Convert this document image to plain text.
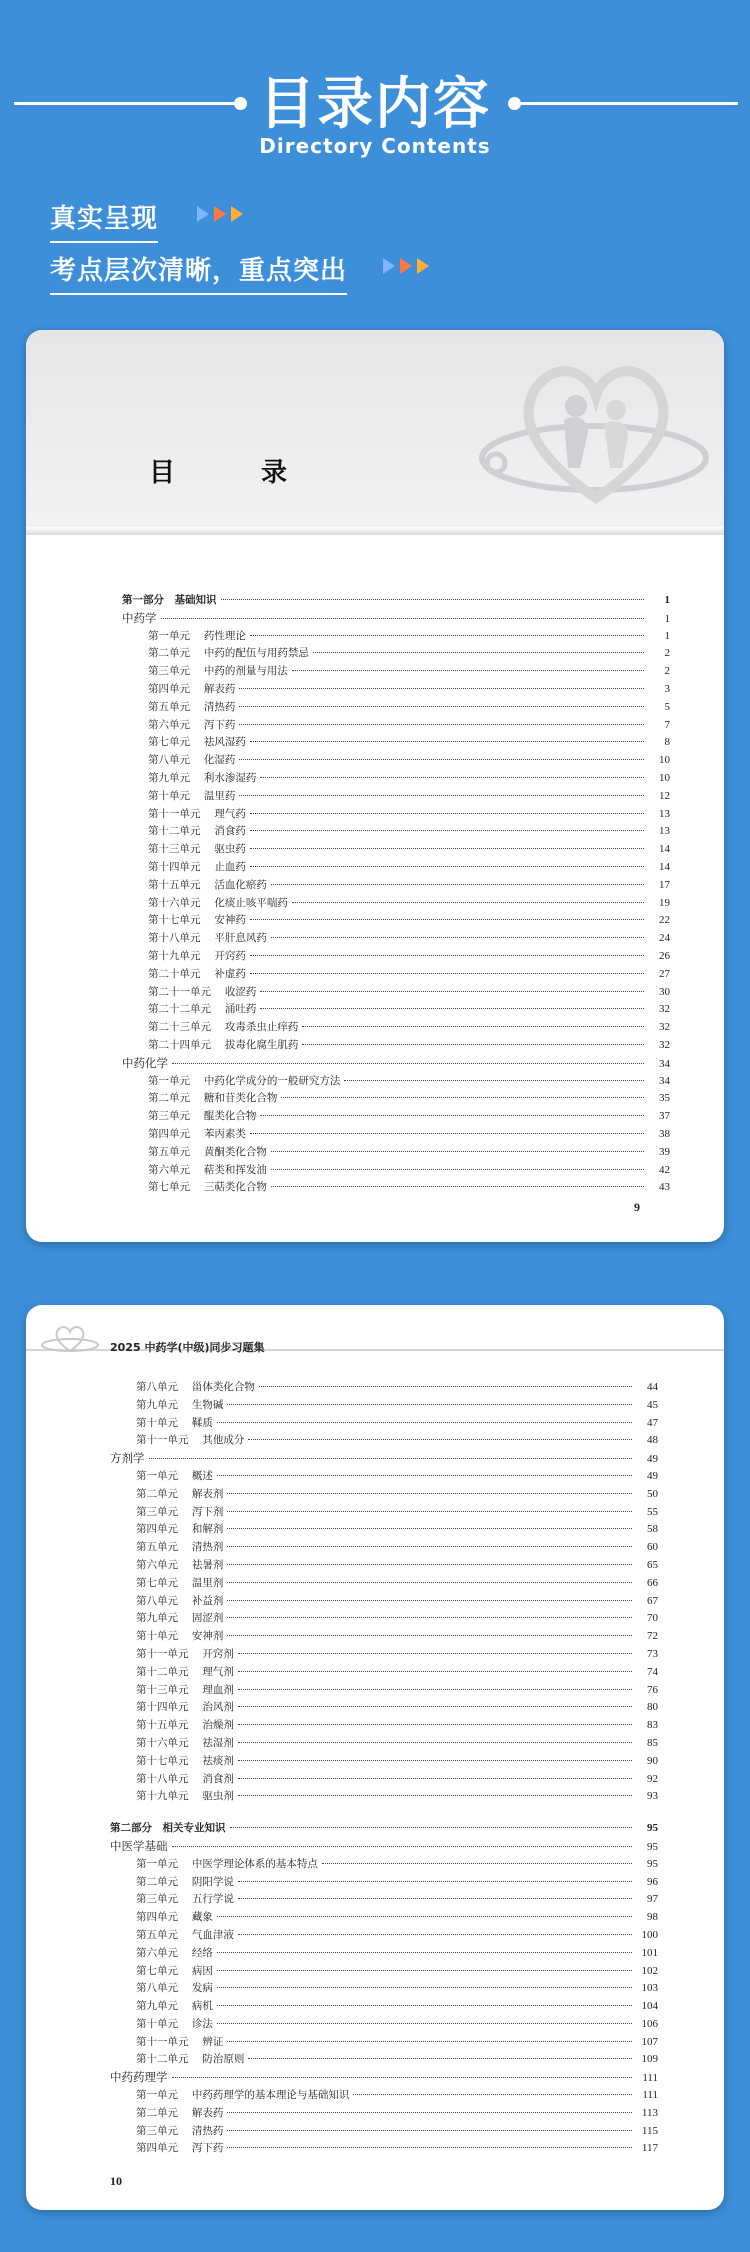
目录内容
Directory Contents
真实呈现
考点层次清晰，重点突出
目　录
第一部分　基础知识	1
中药学	1
第一单元　 药性理论	1
第二单元　 中药的配伍与用药禁忌	2
第三单元　 中药的剂量与用法	2
第四单元　 解表药	3
第五单元　 清热药	5
第六单元　 泻下药	7
第七单元　 祛风湿药	8
第八单元　 化湿药	10
第九单元　 利水渗湿药	10
第十单元　 温里药	12
第十一单元　 理气药	13
第十二单元　 消食药	13
第十三单元　 驱虫药	14
第十四单元　 止血药	14
第十五单元　 活血化瘀药	17
第十六单元　 化痰止咳平喘药	19
第十七单元　 安神药	22
第十八单元　 平肝息风药	24
第十九单元　 开窍药	26
第二十单元　 补虚药	27
第二十一单元　 收涩药	30
第二十二单元　 涌吐药	32
第二十三单元　 攻毒杀虫止痒药	32
第二十四单元　 拔毒化腐生肌药	32
中药化学	34
第一单元　 中药化学成分的一般研究方法	34
第二单元　 糖和苷类化合物	35
第三单元　 醌类化合物	37
第四单元　 苯丙素类	38
第五单元　 黄酮类化合物	39
第六单元　 萜类和挥发油	42
第七单元　 三萜类化合物	43
9
2025 中药学(中级)同步习题集
第八单元　 甾体类化合物	44
第九单元　 生物碱	45
第十单元　 鞣质	47
第十一单元　 其他成分	48
方剂学	49
第一单元　 概述	49
第二单元　 解表剂	50
第三单元　 泻下剂	55
第四单元　 和解剂	58
第五单元　 清热剂	60
第六单元　 祛暑剂	65
第七单元　 温里剂	66
第八单元　 补益剂	67
第九单元　 固涩剂	70
第十单元　 安神剂	72
第十一单元　 开窍剂	73
第十二单元　 理气剂	74
第十三单元　 理血剂	76
第十四单元　 治风剂	80
第十五单元　 治燥剂	83
第十六单元　 祛湿剂	85
第十七单元　 祛痰剂	90
第十八单元　 消食剂	92
第十九单元　 驱虫剂	93
第二部分　相关专业知识	95
中医学基础	95
第一单元　 中医学理论体系的基本特点	95
第二单元　 阴阳学说	96
第三单元　 五行学说	97
第四单元　 藏象	98
第五单元　 气血津液	100
第六单元　 经络	101
第七单元　 病因	102
第八单元　 发病	103
第九单元　 病机	104
第十单元　 诊法	106
第十一单元　 辨证	107
第十二单元　 防治原则	109
中药药理学	111
第一单元　 中药药理学的基本理论与基础知识	111
第二单元　 解表药	113
第三单元　 清热药	115
第四单元　 泻下药	117
10
